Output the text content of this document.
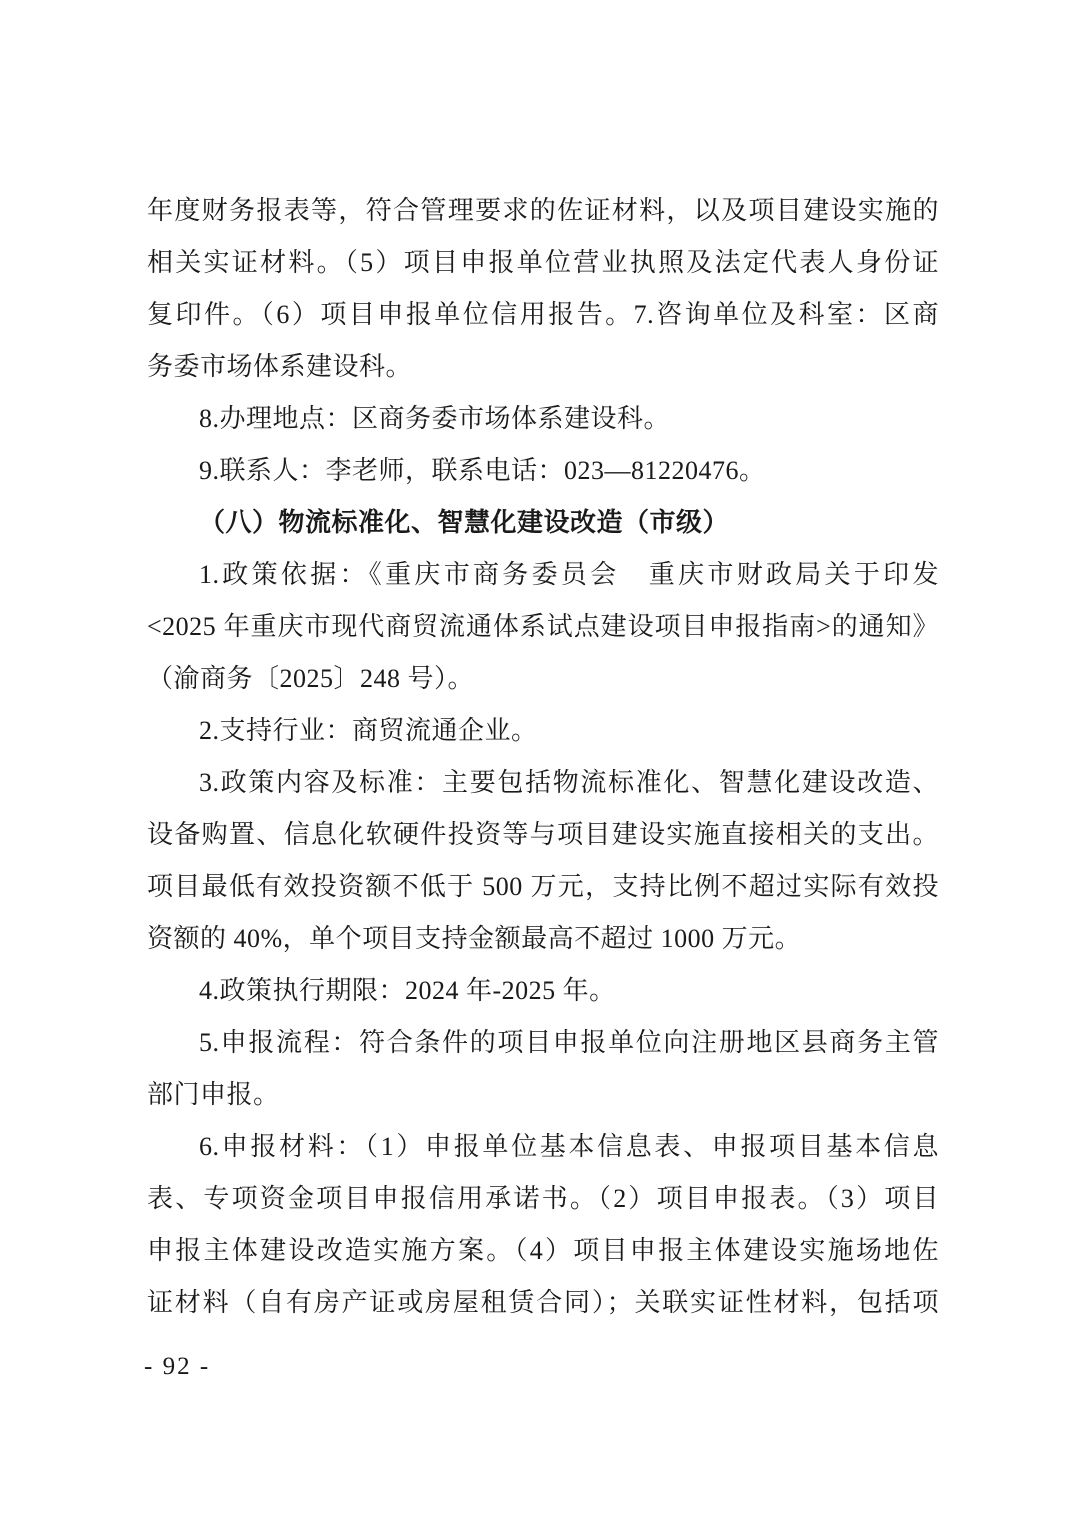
年度财务报表等，符合管理要求的佐证材料，以及项目建设实施的
相关实证材料。（5）项目申报单位营业执照及法定代表人身份证
复印件。（6）项目申报单位信用报告。7.咨询单位及科室：区商
务委市场体系建设科。
8.办理地点：区商务委市场体系建设科。
9.联系人：李老师，联系电话：023—81220476。
（八）物流标准化、智慧化建设改造（市级）
1.政策依据：《重庆市商务委员会　重庆市财政局关于印发
<2025 年重庆市现代商贸流通体系试点建设项目申报指南>的通知》
（渝商务〔2025〕248 号）。
2.支持行业：商贸流通企业。
3.政策内容及标准：主要包括物流标准化、智慧化建设改造、
设备购置、信息化软硬件投资等与项目建设实施直接相关的支出。
项目最低有效投资额不低于 500 万元，支持比例不超过实际有效投
资额的 40%，单个项目支持金额最高不超过 1000 万元。
4.政策执行期限：2024 年-2025 年。
5.申报流程：符合条件的项目申报单位向注册地区县商务主管
部门申报。
6.申报材料：（1）申报单位基本信息表、申报项目基本信息
表、专项资金项目申报信用承诺书。（2）项目申报表。（3）项目
申报主体建设改造实施方案。（4）项目申报主体建设实施场地佐
证材料（自有房产证或房屋租赁合同）；关联实证性材料，包括项
- 92 -
